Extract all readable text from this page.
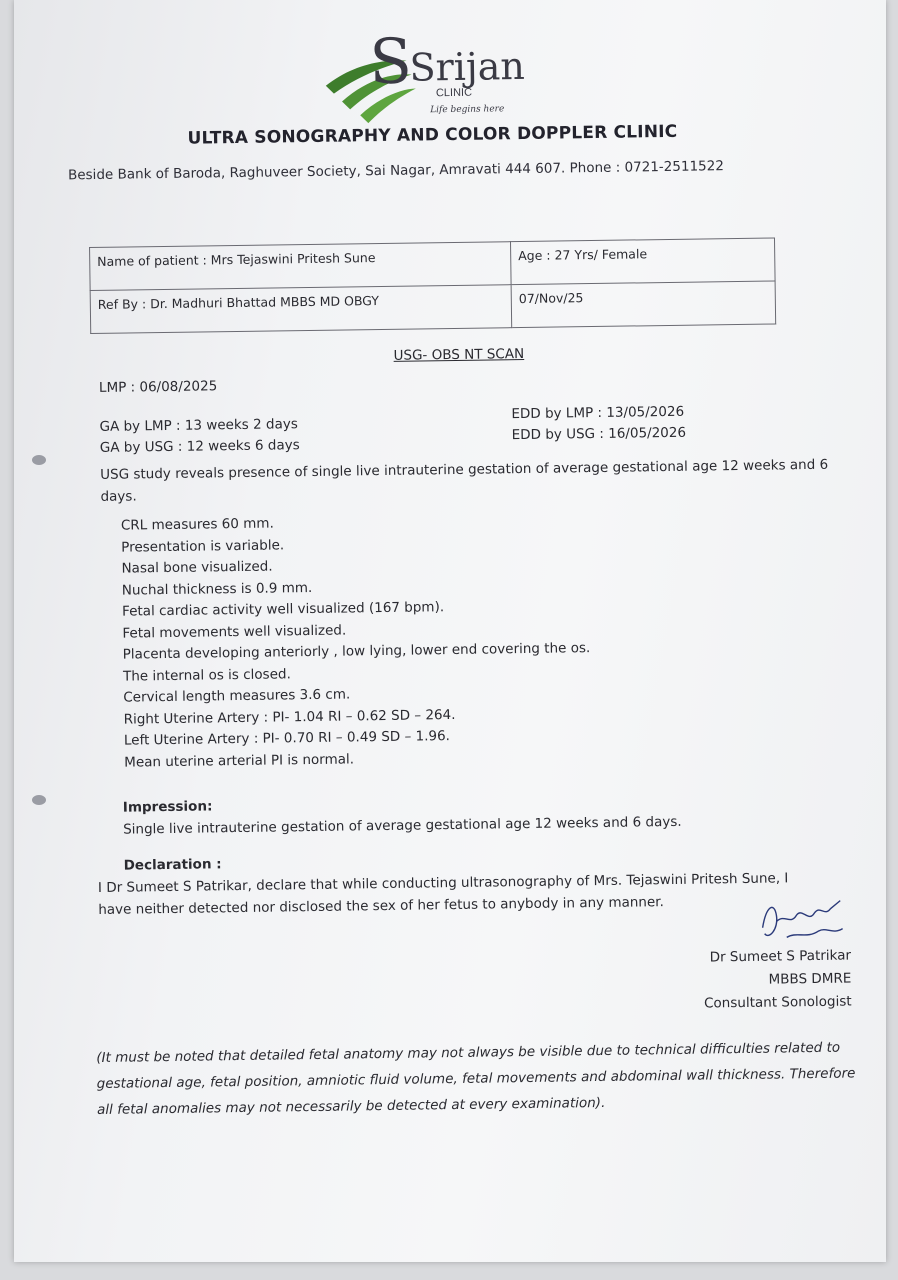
S
Srijan
CLINIC
Life begins here
ULTRA SONOGRAPHY AND COLOR DOPPLER CLINIC
Beside Bank of Baroda, Raghuveer Society, Sai Nagar, Amravati 444 607. Phone : 0721-2511522
Name of patient : Mrs Tejaswini Pritesh Sune	Age : 27 Yrs/ Female
Ref By : Dr. Madhuri Bhattad MBBS MD OBGY	07/Nov/25
USG- OBS NT SCAN
LMP : 06/08/2025
GA by LMP : 13 weeks 2 days
GA by USG : 12 weeks 6 days
EDD by LMP : 13/05/2026
EDD by USG : 16/05/2026
USG study reveals presence of single live intrauterine gestation of average gestational age 12 weeks and 6 days.
CRL measures 60 mm.
Presentation is variable.
Nasal bone visualized.
Nuchal thickness is 0.9 mm.
Fetal cardiac activity well visualized (167 bpm).
Fetal movements well visualized.
Placenta developing anteriorly , low lying, lower end covering the os.
The internal os is closed.
Cervical length measures 3.6 cm.
Right Uterine Artery : PI- 1.04 RI – 0.62 SD – 264.
Left Uterine Artery : PI- 0.70 RI – 0.49 SD – 1.96.
Mean uterine arterial PI is normal.
Impression:
Single live intrauterine gestation of average gestational age 12 weeks and 6 days.
Declaration :
I Dr Sumeet S Patrikar, declare that while conducting ultrasonography of Mrs. Tejaswini Pritesh Sune, I
have neither detected nor disclosed the sex of her fetus to anybody in any manner.
Dr Sumeet S Patrikar
MBBS DMRE
Consultant Sonologist
(It must be noted that detailed fetal anatomy may not always be visible due to technical difficulties related to gestational age, fetal position, amniotic fluid volume, fetal movements and abdominal wall thickness. Therefore all fetal anomalies may not necessarily be detected at every examination).
